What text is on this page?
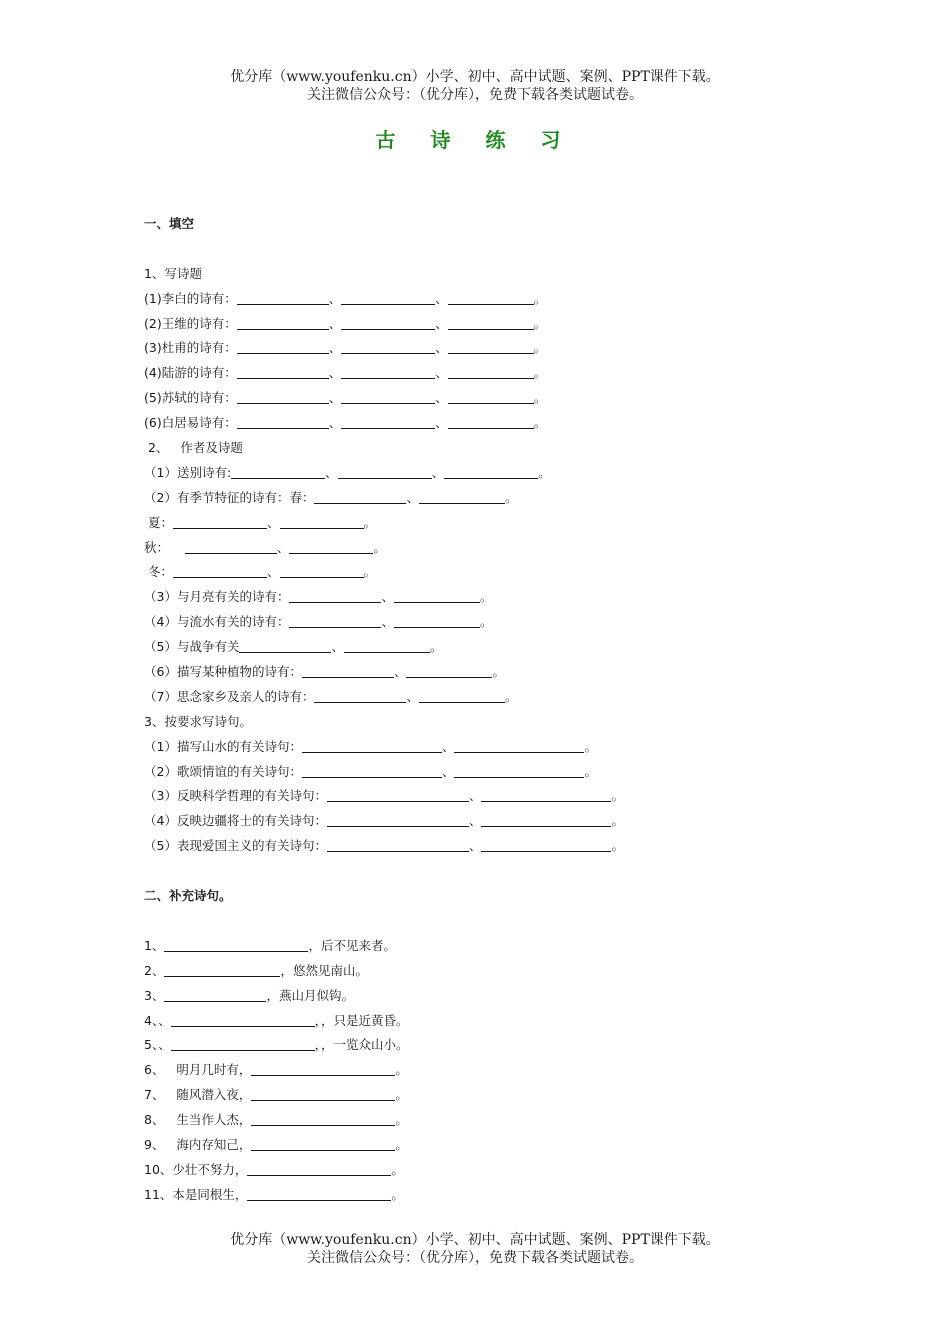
优分库（www.youfenku.cn）小学、初中、高中试题、案例、PPT课件下载。
关注微信公众号：（优分库），免费下载各类试题试卷。
古 诗 练 习
一、填空
1、写诗题
(1)李白的诗有：	、	、	。
(2)王维的诗有：	、	、	。
(3)杜甫的诗有：	、	、	。
(4)陆游的诗有：	、	、	。
(5)苏轼的诗有：	、	、	。
(6)白居易诗有：	、	、	。
2、   作者及诗题
（1）送别诗有:	、	、	。
（2）有季节特征的诗有：春：	、	。
夏：	、	。
秋：	、	。
冬：	、	。
（3）与月亮有关的诗有：	、	。
（4）与流水有关的诗有：	、	。
（5）与战争有关	、	。
（6）描写某种植物的诗有：	、	。
（7）思念家乡及亲人的诗有：	、	。
3、按要求写诗句。
（1）描写山水的有关诗句：	、	。
（2）歌颂情谊的有关诗句：	、	。
（3）反映科学哲理的有关诗句：	、	。
（4）反映边疆将士的有关诗句：	、	。
（5）表现爱国主义的有关诗句：	、	。
二、补充诗句。
1、	，后不见来者。
2、	，悠然见南山。
3、	，燕山月似钩。
4、、	，，只是近黄昏。
5、、	，，一览众山小。
6、   明月几时有，	。
7、   随风潜入夜，	。
8、   生当作人杰，	。
9、   海内存知己，	。
10、少壮不努力，	。
11、本是同根生，	。
优分库（www.youfenku.cn）小学、初中、高中试题、案例、PPT课件下载。
关注微信公众号：（优分库），免费下载各类试题试卷。
